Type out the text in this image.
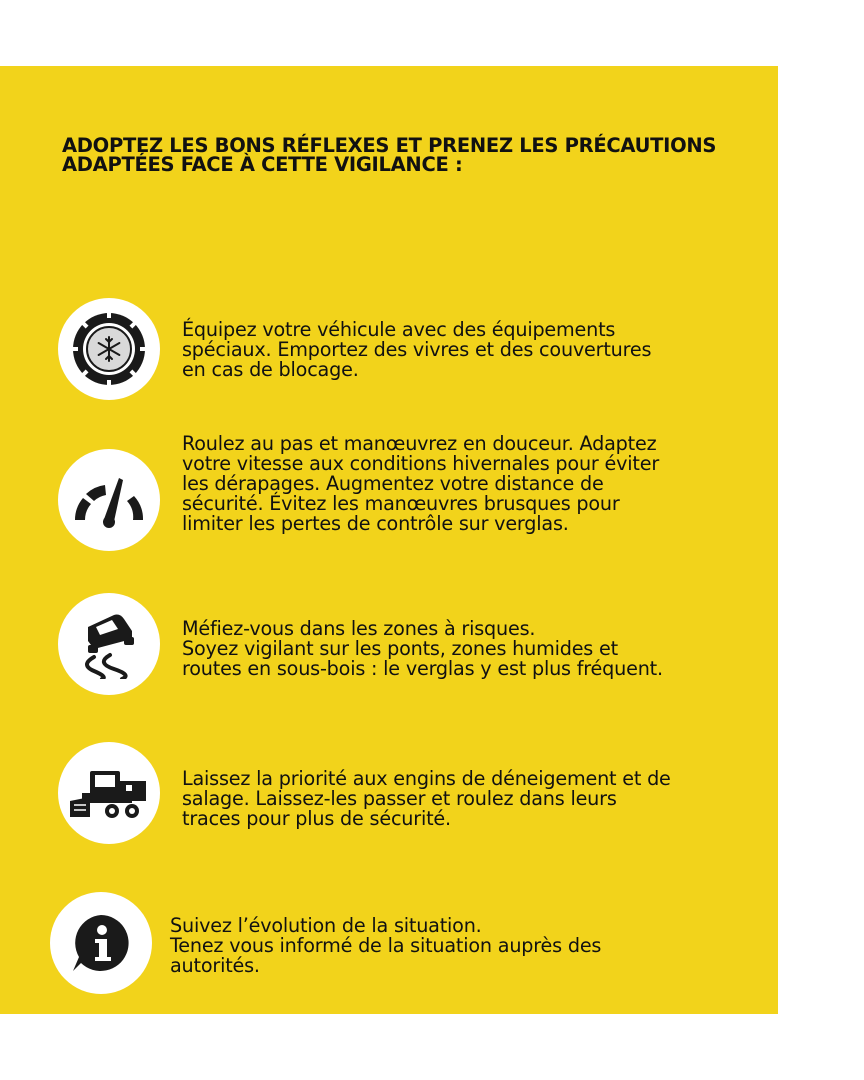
ADOPTEZ LES BONS RÉFLEXES ET PRENEZ LES PRÉCAUTIONS
ADAPTÉES FACE À CETTE VIGILANCE :

Équipez votre véhicule avec des équipements
spéciaux. Emportez des vivres et des couvertures
en cas de blocage.

Roulez au pas et manœuvrez en douceur. Adaptez
votre vitesse aux conditions hivernales pour éviter
les dérapages. Augmentez votre distance de
sécurité. Évitez les manœuvres brusques pour
limiter les pertes de contrôle sur verglas.

Méfiez-vous dans les zones à risques.
Soyez vigilant sur les ponts, zones humides et
routes en sous-bois : le verglas y est plus fréquent.

Laissez la priorité aux engins de déneigement et de
salage. Laissez-les passer et roulez dans leurs
traces pour plus de sécurité.

Suivez l’évolution de la situation.
Tenez vous informé de la situation auprès des
autorités.
